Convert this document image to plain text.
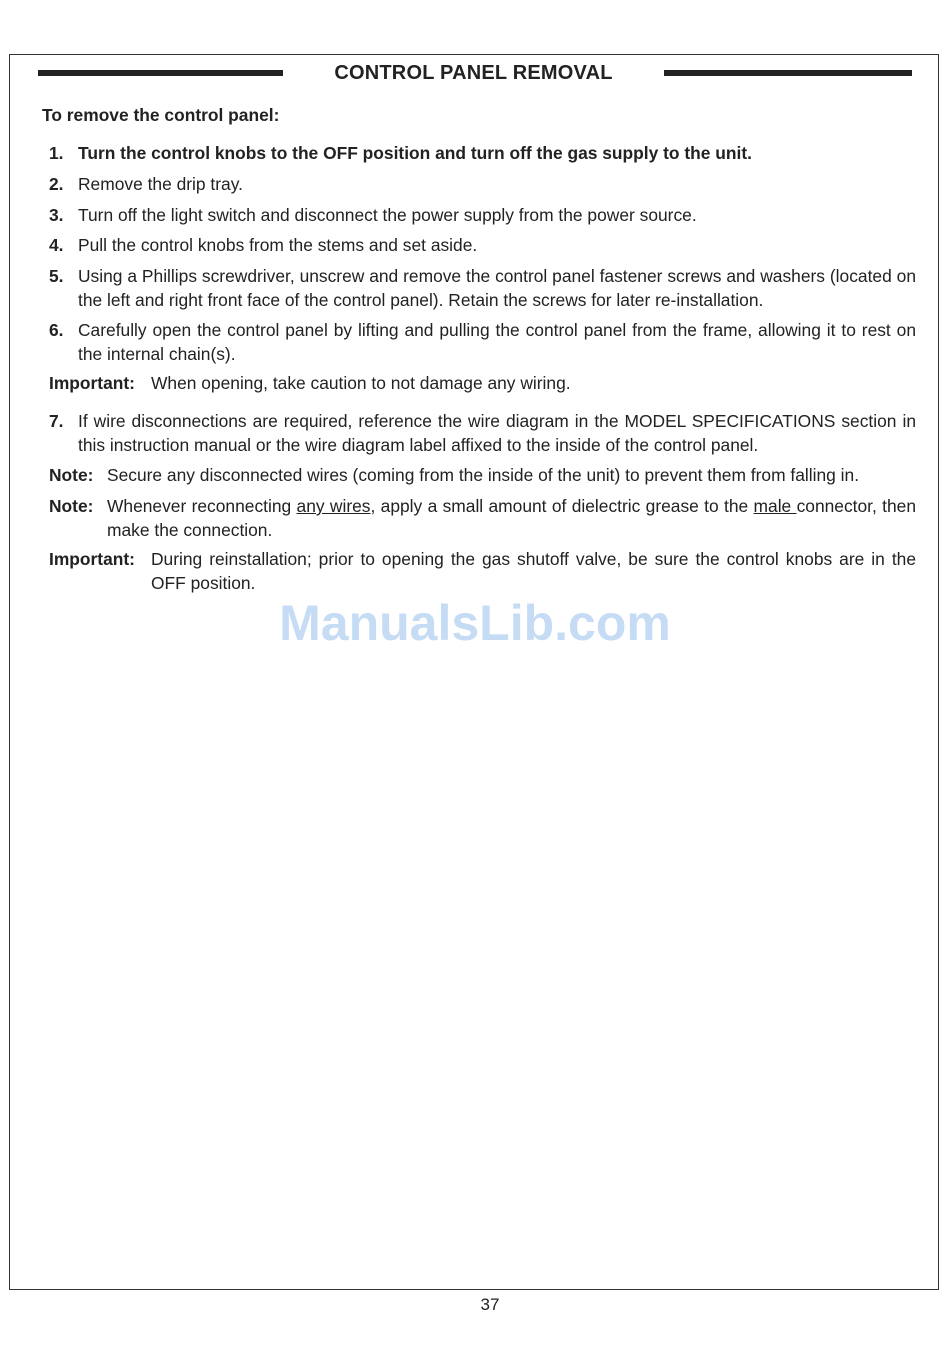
CONTROL PANEL REMOVAL
To remove the control panel:
1. Turn the control knobs to the OFF position and turn off the gas supply to the unit.
2. Remove the drip tray.
3. Turn off the light switch and disconnect the power supply from the power source.
4. Pull the control knobs from the stems and set aside.
5. Using a Phillips screwdriver, unscrew and remove the control panel fastener screws and washers (located on the left and right front face of the control panel). Retain the screws for later re-installation.
6. Carefully open the control panel by lifting and pulling the control panel from the frame, allowing it to rest on the internal chain(s).
Important: When opening, take caution to not damage any wiring.
7. If wire disconnections are required, reference the wire diagram in the MODEL SPECIFICATIONS section in this instruction manual or the wire diagram label affixed to the inside of the control panel.
Note: Secure any disconnected wires (coming from the inside of the unit) to prevent them from falling in.
Note: Whenever reconnecting any wires, apply a small amount of dielectric grease to the male connector, then make the connection.
Important: During reinstallation; prior to opening the gas shutoff valve, be sure the control knobs are in the OFF position.
ManualsLib.com
37
